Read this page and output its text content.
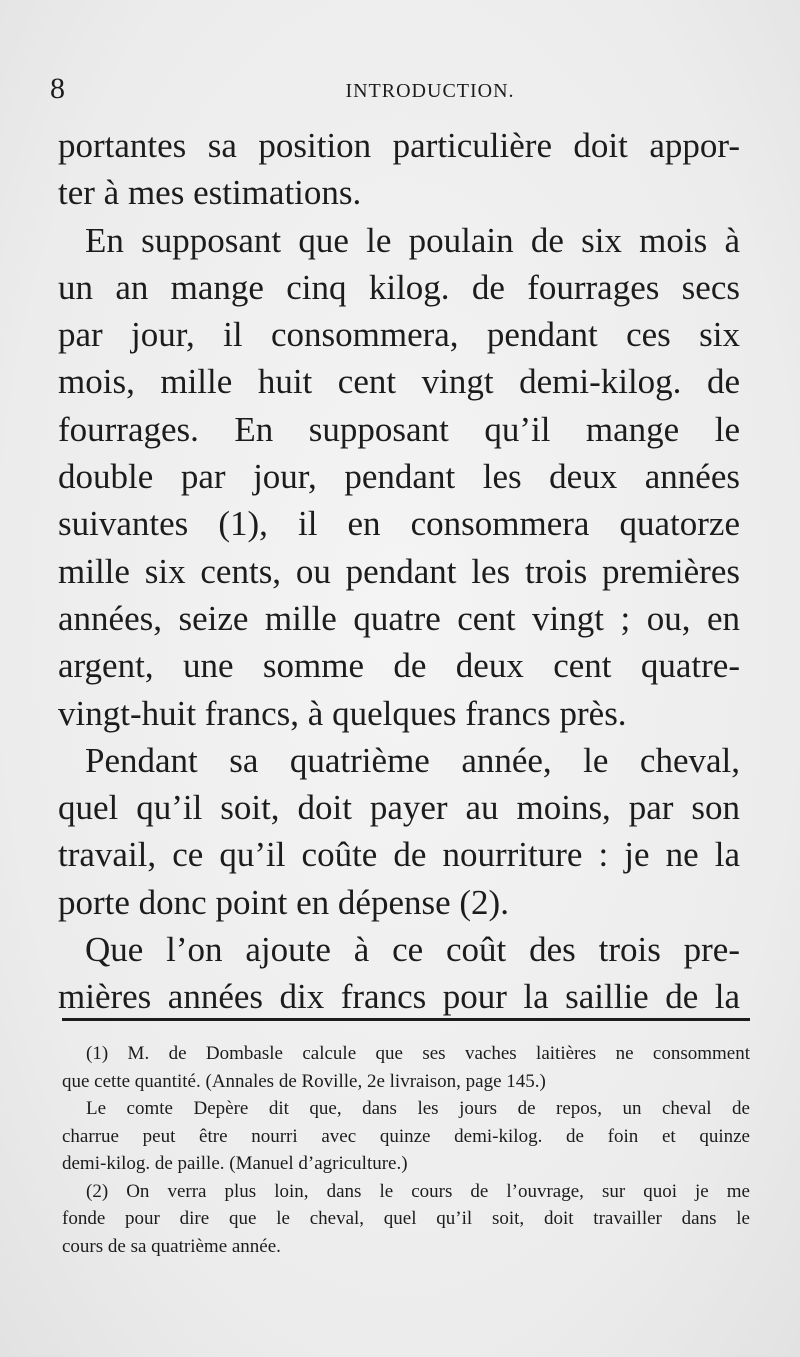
8	INTRODUCTION.
portantes sa position particulière doit appor-
ter à mes estimations.
En supposant que le poulain de six mois à
un an mange cinq kilog. de fourrages secs
par jour, il consommera, pendant ces six
mois, mille huit cent vingt demi-kilog. de
fourrages. En supposant qu’il mange le
double par jour, pendant les deux années
suivantes (1), il en consommera quatorze
mille six cents, ou pendant les trois premières
années, seize mille quatre cent vingt ; ou, en
argent, une somme de deux cent quatre-
vingt-huit francs, à quelques francs près.
Pendant sa quatrième année, le cheval,
quel qu’il soit, doit payer au moins, par son
travail, ce qu’il coûte de nourriture : je ne la
porte donc point en dépense (2).
Que l’on ajoute à ce coût des trois pre-
mières années dix francs pour la saillie de la
(1) M. de Dombasle calcule que ses vaches laitières ne consomment
que cette quantité. (Annales de Roville, 2e livraison, page 145.)
Le comte Depère dit que, dans les jours de repos, un cheval de
charrue peut être nourri avec quinze demi-kilog. de foin et quinze
demi-kilog. de paille. (Manuel d’agriculture.)
(2) On verra plus loin, dans le cours de l’ouvrage, sur quoi je me
fonde pour dire que le cheval, quel qu’il soit, doit travailler dans le
cours de sa quatrième année.
